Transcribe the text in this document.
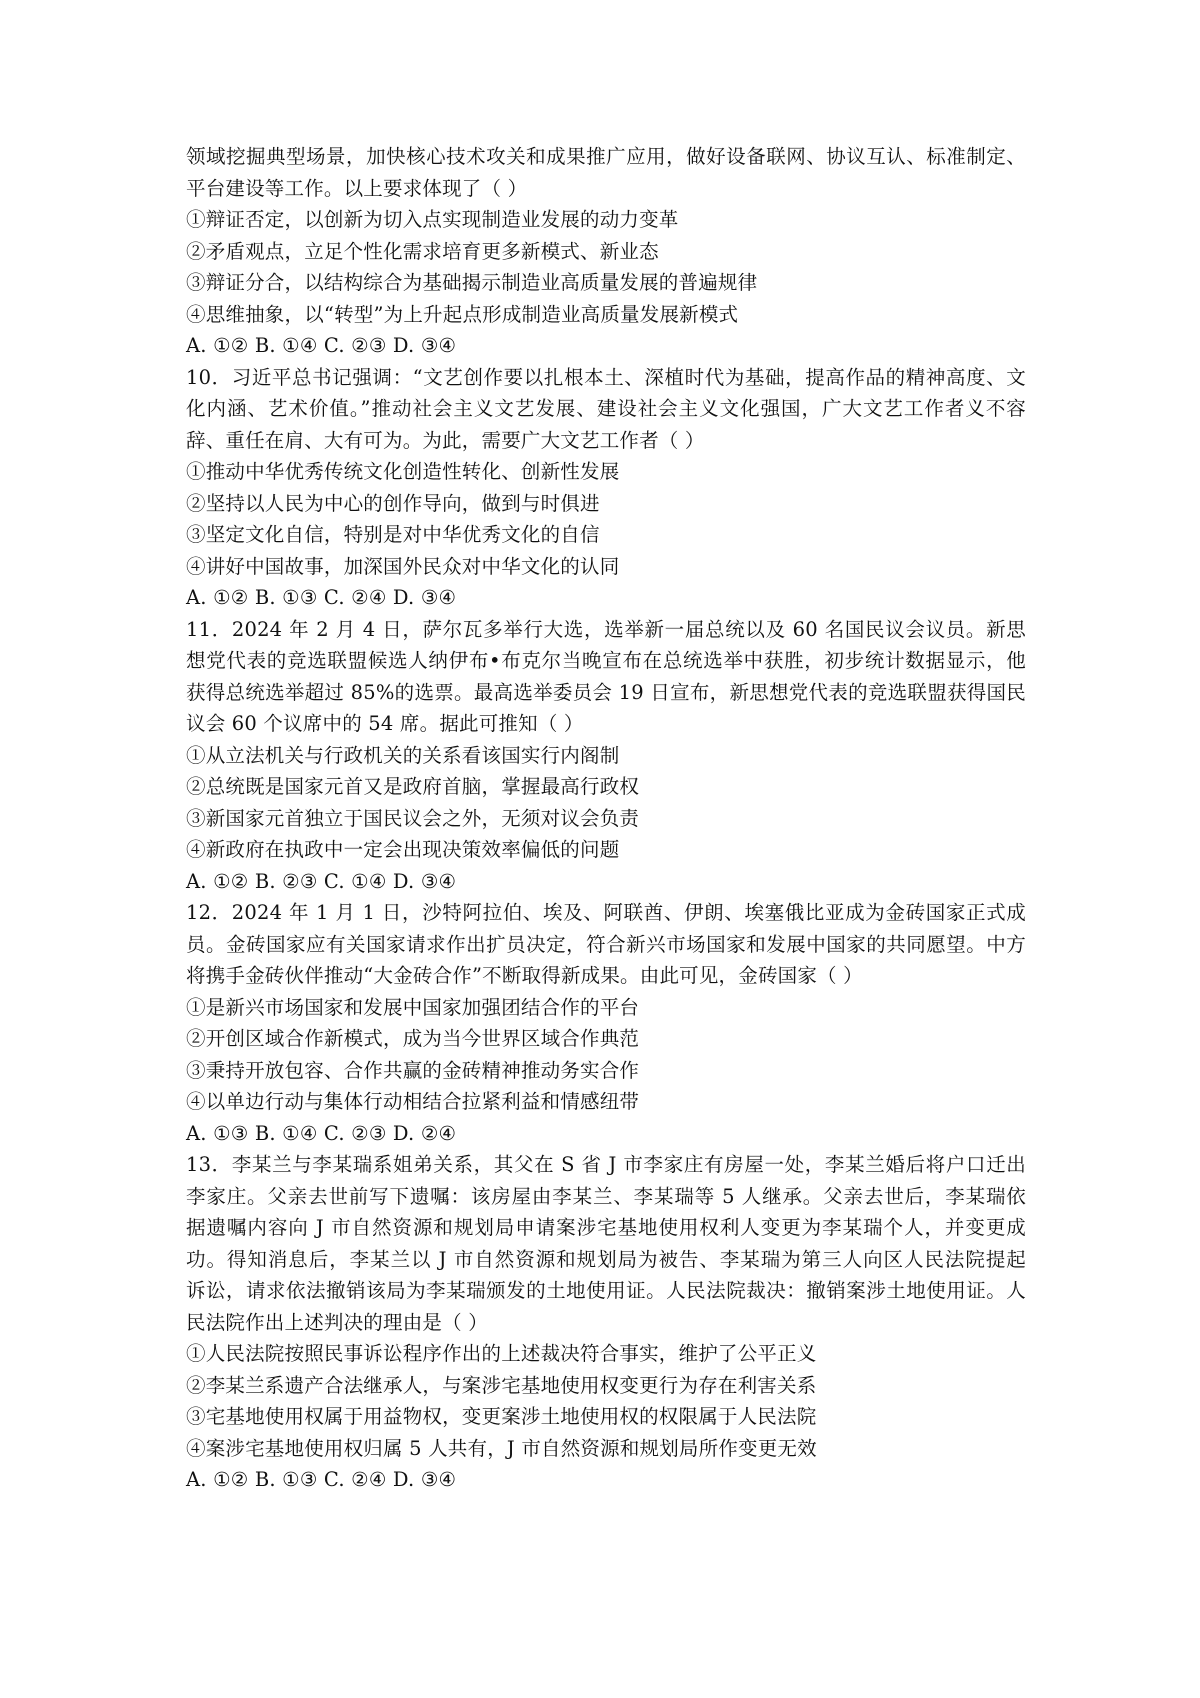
领域挖掘典型场景，加快核心技术攻关和成果推广应用，做好设备联网、协议互认、标准制定、
平台建设等工作。以上要求体现了（ ）
①辩证否定，以创新为切入点实现制造业发展的动力变革
②矛盾观点，立足个性化需求培育更多新模式、新业态
③辩证分合，以结构综合为基础揭示制造业高质量发展的普遍规律
④思维抽象，以“转型”为上升起点形成制造业高质量发展新模式
A. ①② B. ①④ C. ②③ D. ③④
10．习近平总书记强调：“文艺创作要以扎根本土、深植时代为基础，提高作品的精神高度、文
化内涵、艺术价值。”推动社会主义文艺发展、建设社会主义文化强国，广大文艺工作者义不容
辞、重任在肩、大有可为。为此，需要广大文艺工作者（ ）
①推动中华优秀传统文化创造性转化、创新性发展
②坚持以人民为中心的创作导向，做到与时俱进
③坚定文化自信，特别是对中华优秀文化的自信
④讲好中国故事，加深国外民众对中华文化的认同
A. ①② B. ①③ C. ②④ D. ③④
11．2024 年 2 月 4 日，萨尔瓦多举行大选，选举新一届总统以及 60 名国民议会议员。新思
想党代表的竞选联盟候选人纳伊布•布克尔当晚宣布在总统选举中获胜，初步统计数据显示，他
获得总统选举超过 85%的选票。最高选举委员会 19 日宣布，新思想党代表的竞选联盟获得国民
议会 60 个议席中的 54 席。据此可推知（ ）
①从立法机关与行政机关的关系看该国实行内阁制
②总统既是国家元首又是政府首脑，掌握最高行政权
③新国家元首独立于国民议会之外，无须对议会负责
④新政府在执政中一定会出现决策效率偏低的问题
A. ①② B. ②③ C. ①④ D. ③④
12．2024 年 1 月 1 日，沙特阿拉伯、埃及、阿联酋、伊朗、埃塞俄比亚成为金砖国家正式成
员。金砖国家应有关国家请求作出扩员决定，符合新兴市场国家和发展中国家的共同愿望。中方
将携手金砖伙伴推动“大金砖合作”不断取得新成果。由此可见，金砖国家（ ）
①是新兴市场国家和发展中国家加强团结合作的平台
②开创区域合作新模式，成为当今世界区域合作典范
③秉持开放包容、合作共赢的金砖精神推动务实合作
④以单边行动与集体行动相结合拉紧利益和情感纽带
A. ①③ B. ①④ C. ②③ D. ②④
13．李某兰与李某瑞系姐弟关系，其父在 S 省 J 市李家庄有房屋一处，李某兰婚后将户口迁出
李家庄。父亲去世前写下遗嘱：该房屋由李某兰、李某瑞等 5 人继承。父亲去世后，李某瑞依
据遗嘱内容向 J 市自然资源和规划局申请案涉宅基地使用权利人变更为李某瑞个人，并变更成
功。得知消息后，李某兰以 J 市自然资源和规划局为被告、李某瑞为第三人向区人民法院提起
诉讼，请求依法撤销该局为李某瑞颁发的土地使用证。人民法院裁决：撤销案涉土地使用证。人
民法院作出上述判决的理由是（ ）
①人民法院按照民事诉讼程序作出的上述裁决符合事实，维护了公平正义
②李某兰系遗产合法继承人，与案涉宅基地使用权变更行为存在利害关系
③宅基地使用权属于用益物权，变更案涉土地使用权的权限属于人民法院
④案涉宅基地使用权归属 5 人共有，J 市自然资源和规划局所作变更无效
A. ①② B. ①③ C. ②④ D. ③④
